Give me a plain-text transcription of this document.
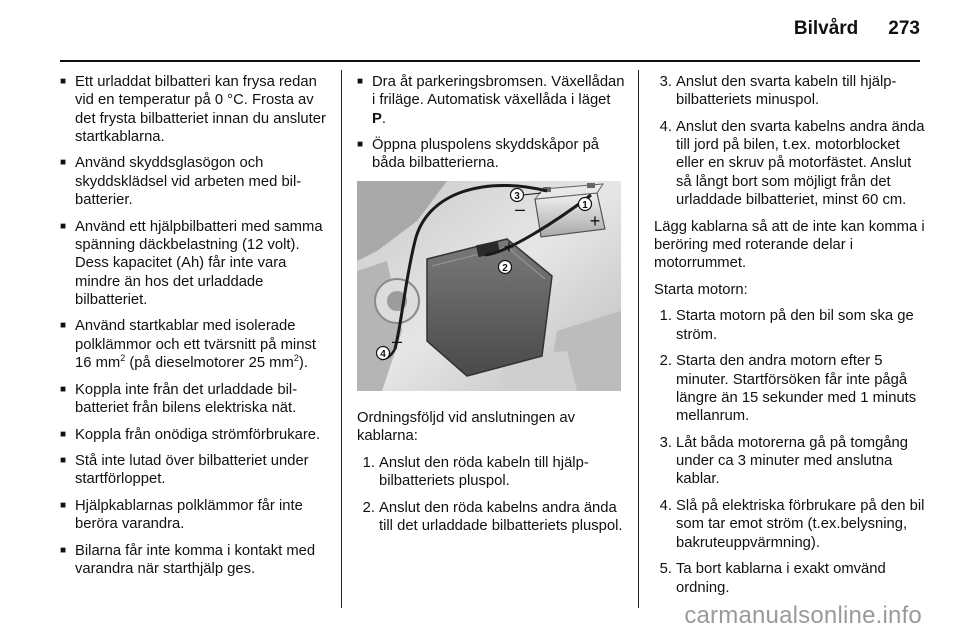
Bilvård 273
■ Ett urladdat bilbatteri kan frysa redan vid en temperatur på 0 °C. Frosta av det frysta bilbatteriet innan du ansluter startkablarna.
■ Använd skyddsglasögon och skyddsklädsel vid arbeten med bilbatterier.
■ Använd ett hjälpbilbatteri med samma spänning däckbelastning (12 volt). Dess kapacitet (Ah) får inte vara mindre än hos det urladdade bilbatteriet.
■ Använd startkablar med isolerade polklämmor och ett tvärsnitt på minst 16 $mm^2$ (på dieselmotorer 25 $mm^2$).
■ Koppla inte från det urladdade bilbatteriet från bilens elektriska nät.
■ Koppla från onödiga strömförbrukare.
■ Stå inte lutad över bilbatteriet under startförloppet.
■ Hjälpkablarnas polklämmor får inte beröra varandra.
■ Bilarna får inte komma i kontakt med varandra när starthjälp ges.
■ Dra åt parkeringsbromsen. Växellådan i friläge. Automatisk växellåda i läget P.
■ Öppna pluspolens skyddskåpor på båda bilbatterierna.
3
–	1
+
+
2
4
–

Ordningsföljd vid anslutningen av kablarna:

1. Anslut den röda kabeln till hjälpbilbatteriets pluspol.
2. Anslut den röda kabelns andra ända till det urladdade bilbatteriets pluspol.
3. Anslut den svarta kabeln till hjälpbilbatteriets minuspol.
4. Anslut den svarta kabelns andra ända till jord på bilen, t.ex. motorblocket eller en skruv på motorfästet. Anslut så långt bort som möjligt från det urladdade bilbatteriet, minst 60 cm.

Lägg kablarna så att de inte kan komma i beröring med roterande delar i motorrummet.

Starta motorn:

1. Starta motorn på den bil som ska ge ström.
2. Starta den andra motorn efter 5 minuter. Startförsöken får inte pågå längre än 15 sekunder med 1 minuts mellanrum.
3. Låt båda motorerna gå på tomgång under ca 3 minuter med anslutna kablar.
4. Slå på elektriska förbrukare på den bil som tar emot ström (t.ex.belysning, bakruteuppvärmning).
5. Ta bort kablarna i exakt omvänd ordning.
carmanualsonline.info
